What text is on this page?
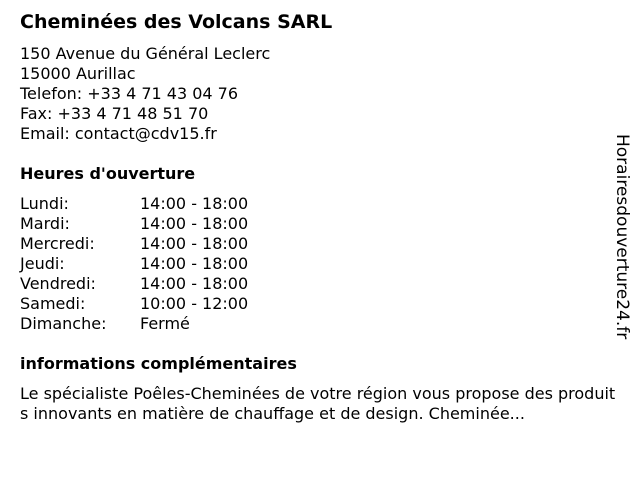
Cheminées des Volcans SARL
150 Avenue du Général Leclerc
15000 Aurillac
Telefon: +33 4 71 43 04 76
Fax: +33 4 71 48 51 70
Email: contact@cdv15.fr
Heures d'ouverture
Lundi:	14:00 - 18:00
Mardi:	14:00 - 18:00
Mercredi:	14:00 - 18:00
Jeudi:	14:00 - 18:00
Vendredi:	14:00 - 18:00
Samedi:	10:00 - 12:00
Dimanche:	Fermé
informations complémentaires
Le spécialiste Poêles-Cheminées de votre région vous propose des produits innovants en matière de chauffage et de design. Cheminée...
Horairesdouverture24.fr
